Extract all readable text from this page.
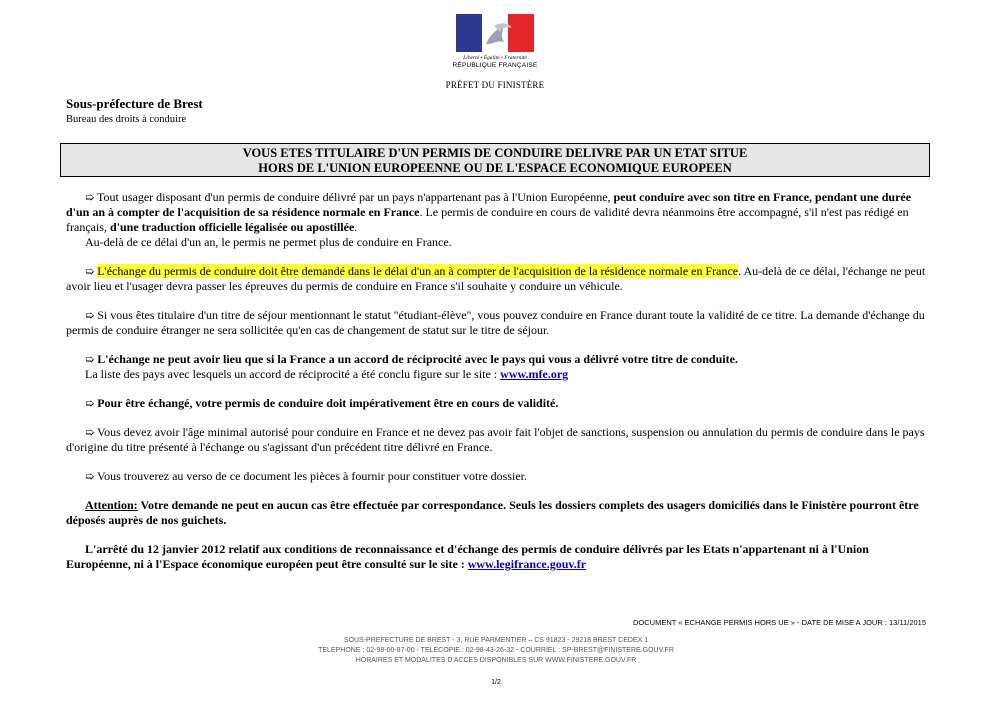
Liberté • Égalité • Fraternité
RÉPUBLIQUE FRANÇAISE
PRÉFET DU FINISTÈRE
Sous-préfecture de Brest
Bureau des droits à conduire
VOUS ETES TITULAIRE D'UN PERMIS DE CONDUIRE DELIVRE PAR UN ETAT SITUE
HORS DE L'UNION EUROPEENNE OU DE L'ESPACE ECONOMIQUE EUROPEEN
➯ Tout usager disposant d'un permis de conduire délivré par un pays n'appartenant pas à l'Union Européenne, peut conduire avec son titre en France, pendant une durée d'un an à compter de l'acquisition de sa résidence normale en France. Le permis de conduire en cours de validité devra néanmoins être accompagné, s'il n'est pas rédigé en français, d'une traduction officielle légalisée ou apostillée.
Au-delà de ce délai d'un an, le permis ne permet plus de conduire en France.
➯ L'échange du permis de conduire doit être demandé dans le délai d'un an à compter de l'acquisition de la résidence normale en France. Au-delà de ce délai, l'échange ne peut avoir lieu et l'usager devra passer les épreuves du permis de conduire en France s'il souhaite y conduire un véhicule.
➯ Si vous êtes titulaire d'un titre de séjour mentionnant le statut "étudiant-élève", vous pouvez conduire en France durant toute la validité de ce titre. La demande d'échange du permis de conduire étranger ne sera sollicitée qu'en cas de changement de statut sur le titre de séjour.
➯ L'échange ne peut avoir lieu que si la France a un accord de réciprocité avec le pays qui vous a délivré votre titre de conduite.
La liste des pays avec lesquels un accord de réciprocité a été conclu figure sur le site : www.mfe.org
➯ Pour être échangé, votre permis de conduire doit impérativement être en cours de validité.
➯ Vous devez avoir l'âge minimal autorisé pour conduire en France et ne devez pas avoir fait l'objet de sanctions, suspension ou annulation du permis de conduire dans le pays d'origine du titre présenté à l'échange ou s'agissant d'un précédent titre délivré en France.
➯ Vous trouverez au verso de ce document les pièces à fournir pour constituer votre dossier.
Attention: Votre demande ne peut en aucun cas être effectuée par correspondance. Seuls les dossiers complets des usagers domiciliés dans le Finistère pourront être déposés auprès de nos guichets.
L'arrêté du 12 janvier 2012 relatif aux conditions de reconnaissance et d'échange des permis de conduire délivrés par les Etats n'appartenant ni à l'Union Européenne, ni à l'Espace économique européen peut être consulté sur le site : www.legifrance.gouv.fr
DOCUMENT « ECHANGE PERMIS HORS UE » - DATE DE MISE A JOUR : 13/11/2015
SOUS-PREFECTURE DE BREST - 3, RUE PARMENTIER – CS 91823 - 29218 BREST CEDEX 1
TELEPHONE : 02-98-00-97-00 - TELECOPIE : 02-98-43-26-32 - COURRIEL : SP-BREST@FINISTERE.GOUV.FR
HORAIRES ET MODALITES D'ACCES DISPONIBLES SUR WWW.FINISTERE.GOUV.FR
1/2
